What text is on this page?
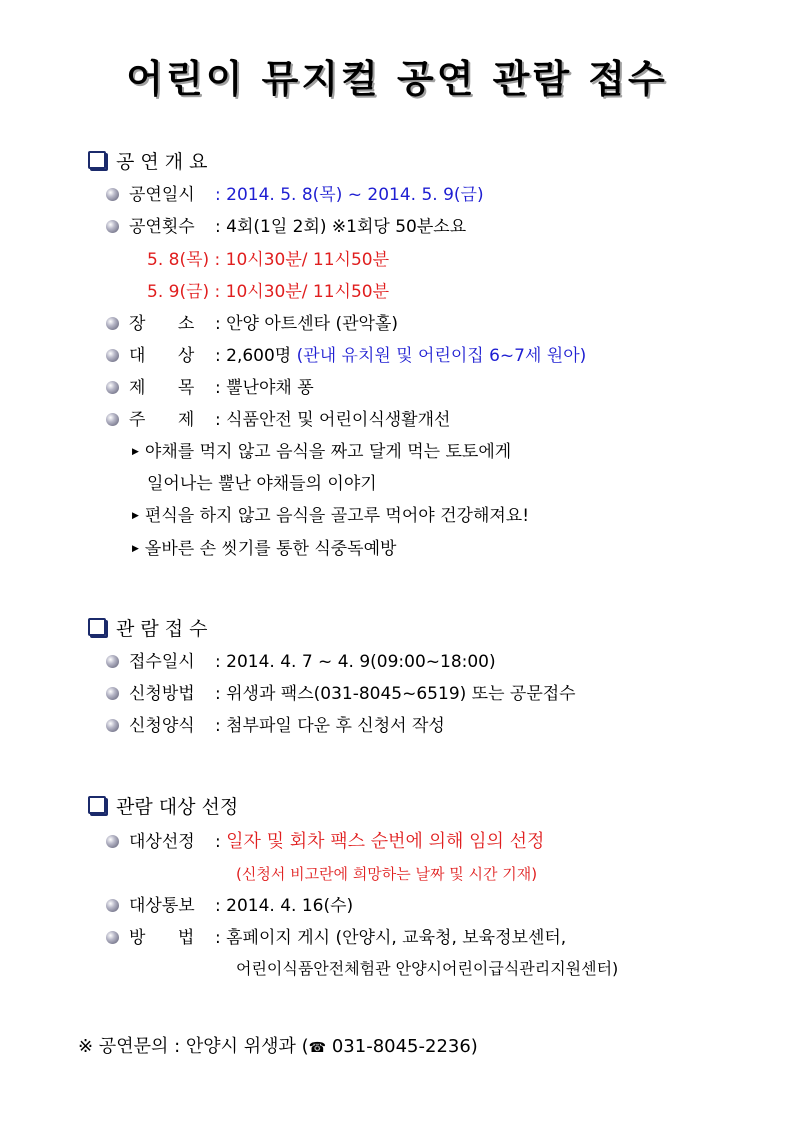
어린이 뮤지컬 공연 관람 접수
공 연 개 요
공연일시 : 2014. 5. 8(목) ~ 2014. 5. 9(금)
공연횟수 : 4회(1일 2회) ※1회당 50분소요
5. 8(목) : 10시30분/ 11시50분
5. 9(금) : 10시30분/ 11시50분
장      소 : 안양 아트센타 (관악홀)
대      상 : 2,600명 (관내 유치원 및 어린이집 6~7세 원아)
제      목 : 뿔난야채 퐁
주      제 : 식품안전 및 어린이식생활개선
▶ 야채를 먹지 않고 음식을 짜고 달게 먹는 토토에게
일어나는 뿔난 야채들의 이야기
▶ 편식을 하지 않고 음식을 골고루 먹어야 건강해져요!
▶ 올바른 손 씻기를 통한 식중독예방
관 람 접 수
접수일시 : 2014. 4. 7 ~ 4. 9(09:00~18:00)
신청방법 : 위생과 팩스(031-8045~6519) 또는 공문접수
신청양식 : 첨부파일 다운 후 신청서 작성
관람 대상 선정
대상선정 : 일자 및 회차 팩스 순번에 의해 임의 선정
(신청서 비고란에 희망하는 날짜 및 시간 기재)
대상통보 : 2014. 4. 16(수)
방      법 : 홈페이지 게시 (안양시, 교육청, 보육정보센터,
어린이식품안전체험관 안양시어린이급식관리지원센터)
※ 공연문의 : 안양시 위생과 (☎ 031-8045-2236)
